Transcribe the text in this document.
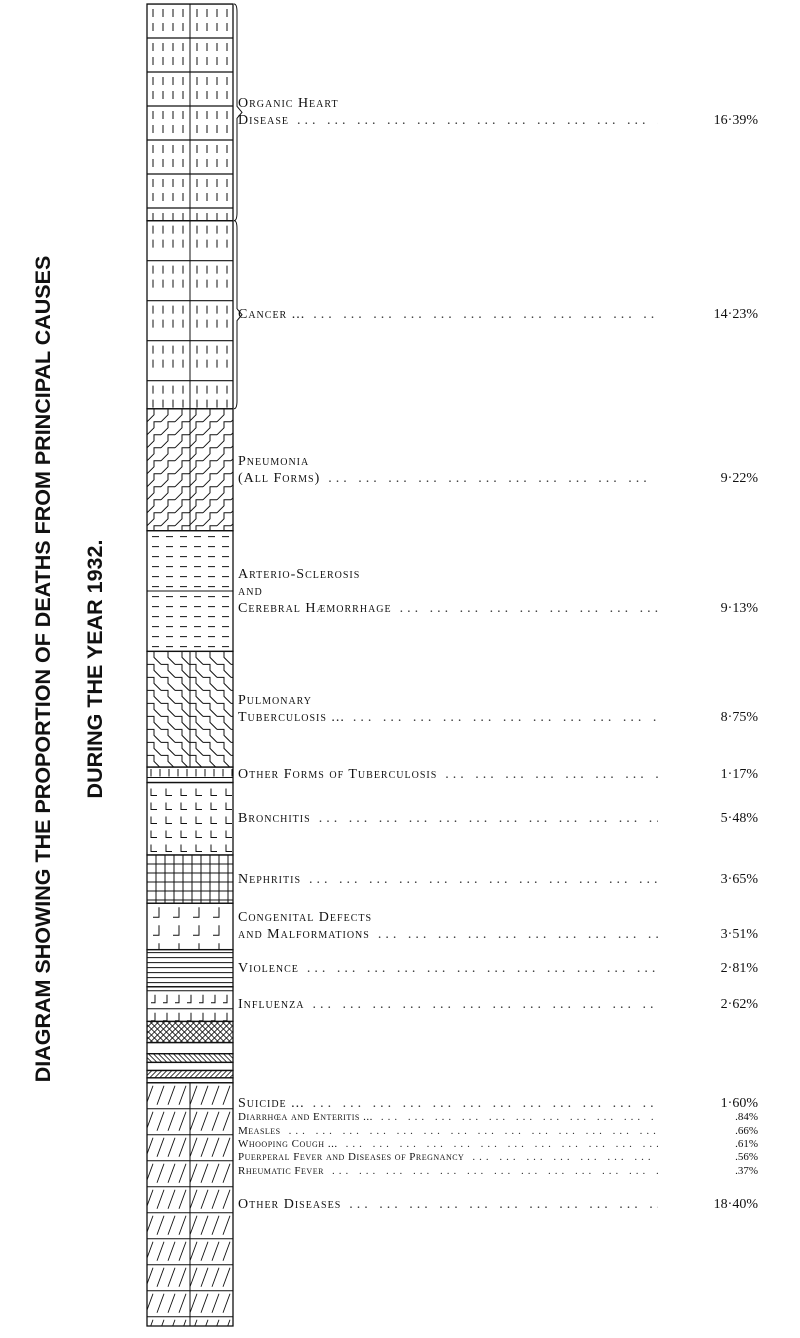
DIAGRAM SHOWING THE PROPORTION OF DEATHS FROM PRINCIPAL CAUSES DURING THE YEAR 1932.
Organic Heart
Disease ... .	16·39%
Cancer ... ... .	14·23%
Pneumonia
(All Forms) ... .	9·22%
Arterio-Sclerosis
and
Cerebral Hæmorrhage ... .	9·13%
Pulmonary
Tuberculosis ... ... .	8·75%
Other Forms of Tuberculosis ... .	1·17%
Bronchitis ... .	5·48%
Nephritis ... .	3·65%
Congenital Defects
and Malformations ... .	3·51%
Violence ... .	2·81%
Influenza ... .	2·62%
Suicide ... ... .	1·60%
Diarrhœa and Enteritis ... ... .	.84%
Measles ... .	.66%
Whooping Cough ... ... .	.61%
Puerperal Fever and Diseases of Pregnancy ... .	.56%
Rheumatic Fever ... .	.37%
Other Diseases ... .	18·40%
